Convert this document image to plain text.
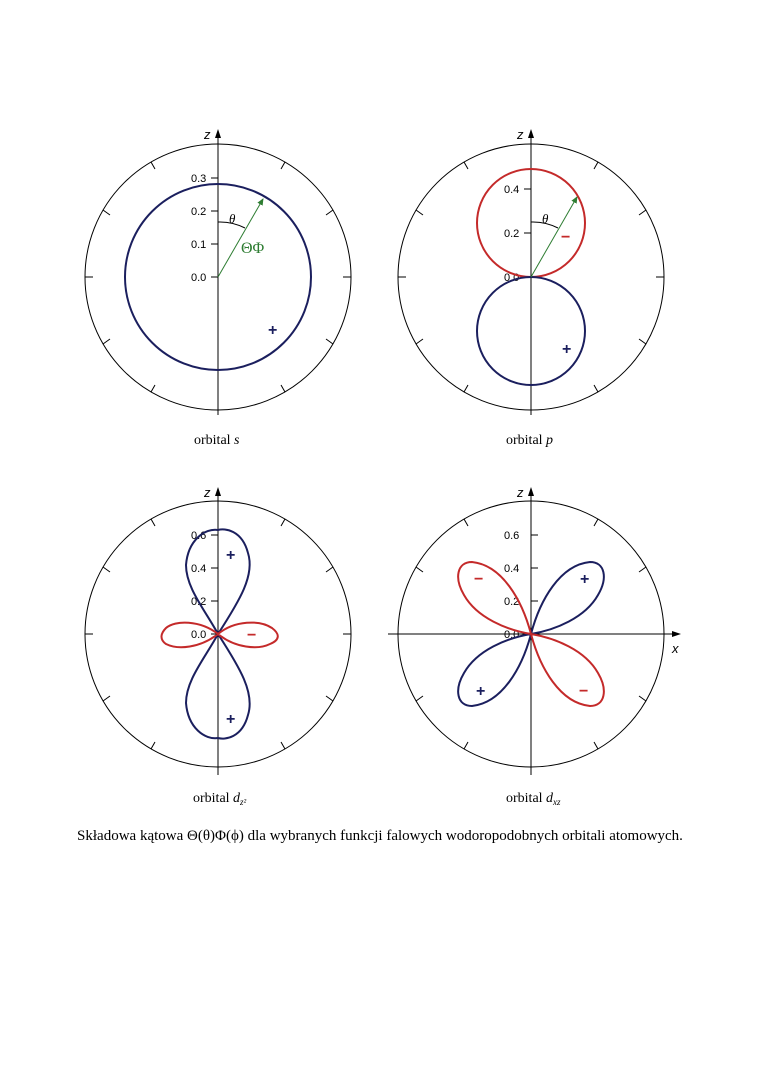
z
0.0
0.1
0.2
0.3
θ
ΘΦ
+
orbital s
z
0.0
0.2
0.4
θ
−
+
orbital p
z
0.0
0.2
0.4
0.6
+
−
+
orbital $d_{z^2}$
z
x
0.0
0.2
0.4
0.6
−	+
+	−
orbital $d_{xz}$
Składowa kątowa Θ(θ)Φ(ϕ) dla wybranych funkcji falowych wodoropodobnych orbitali atomowych.
